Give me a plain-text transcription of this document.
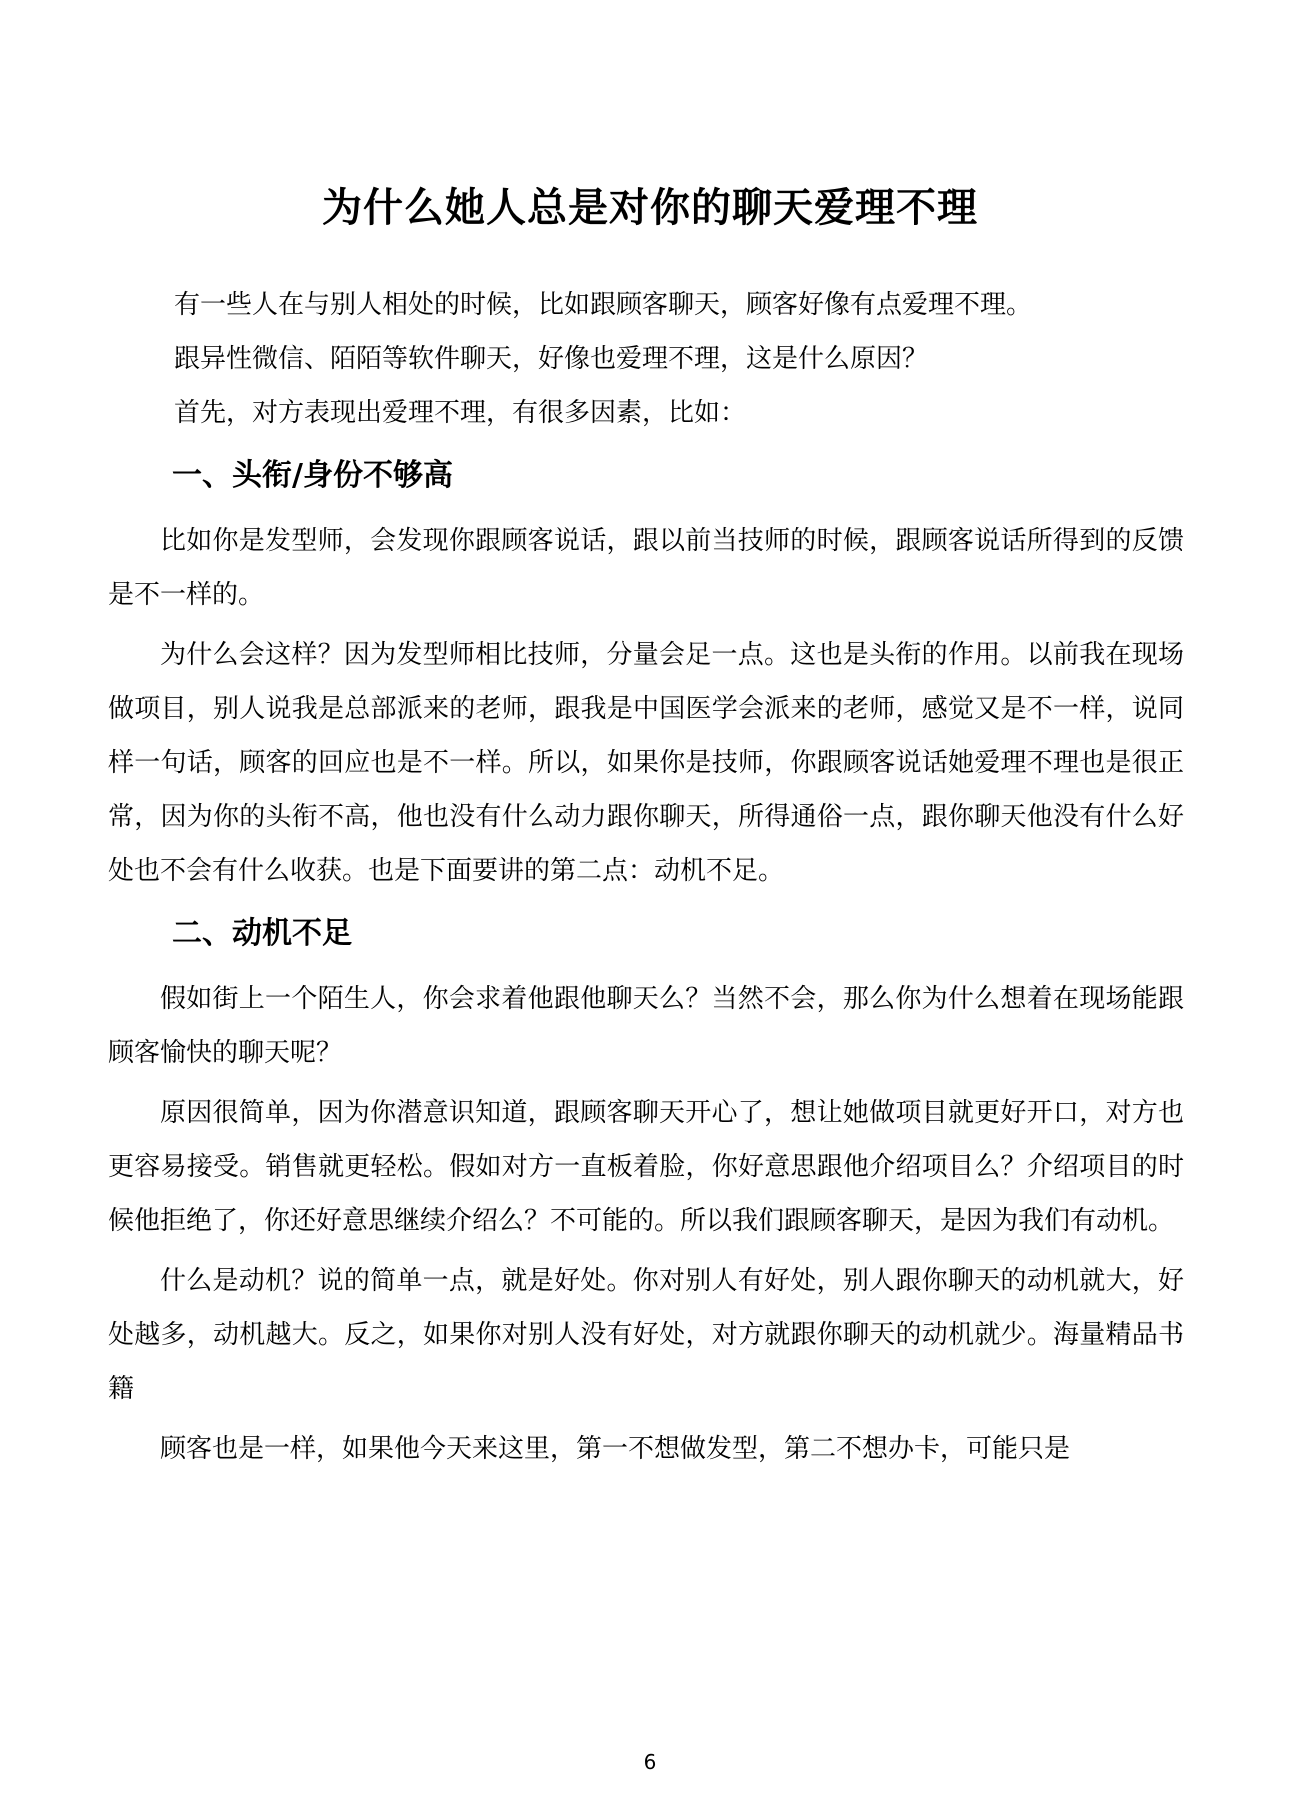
为什么她人总是对你的聊天爱理不理

有一些人在与别人相处的时候，比如跟顾客聊天，顾客好像有点爱理不理。

跟异性微信、陌陌等软件聊天，好像也爱理不理，这是什么原因？

首先，对方表现出爱理不理，有很多因素，比如：

一、头衔/身份不够高

比如你是发型师，会发现你跟顾客说话，跟以前当技师的时候，跟顾客说话所得到的反馈是不一样的。

为什么会这样？因为发型师相比技师，分量会足一点。这也是头衔的作用。以前我在现场做项目，别人说我是总部派来的老师，跟我是中国医学会派来的老师，感觉又是不一样，说同样一句话，顾客的回应也是不一样。所以，如果你是技师，你跟顾客说话她爱理不理也是很正常，因为你的头衔不高，他也没有什么动力跟你聊天，所得通俗一点，跟你聊天他没有什么好处也不会有什么收获。也是下面要讲的第二点：动机不足。

二、动机不足

假如街上一个陌生人，你会求着他跟他聊天么？当然不会，那么你为什么想着在现场能跟顾客愉快的聊天呢？

原因很简单，因为你潜意识知道，跟顾客聊天开心了，想让她做项目就更好开口，对方也更容易接受。销售就更轻松。假如对方一直板着脸，你好意思跟他介绍项目么？介绍项目的时候他拒绝了，你还好意思继续介绍么？不可能的。所以我们跟顾客聊天，是因为我们有动机。

什么是动机？说的简单一点，就是好处。你对别人有好处，别人跟你聊天的动机就大，好处越多，动机越大。反之，如果你对别人没有好处，对方就跟你聊天的动机就少。海量精品书籍

顾客也是一样，如果他今天来这里，第一不想做发型，第二不想办卡，可能只是

6
